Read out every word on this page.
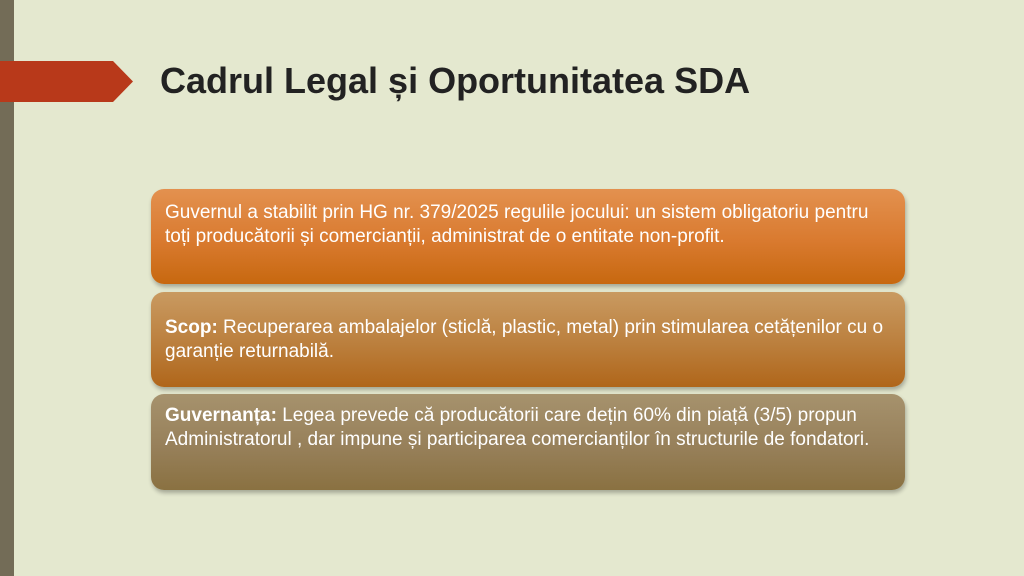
Cadrul Legal și Oportunitatea SDA
Guvernul a stabilit prin HG nr. 379/2025 regulile jocului: un sistem obligatoriu pentru toți producătorii și comercianții, administrat de o entitate non-profit.
Scop: Recuperarea ambalajelor (sticlă, plastic, metal) prin stimularea cetățenilor cu o garanție returnabilă.
Guvernanța: Legea prevede că producătorii care dețin 60% din piață (3/5) propun Administratorul , dar impune și participarea comercianților în structurile de fondatori.
